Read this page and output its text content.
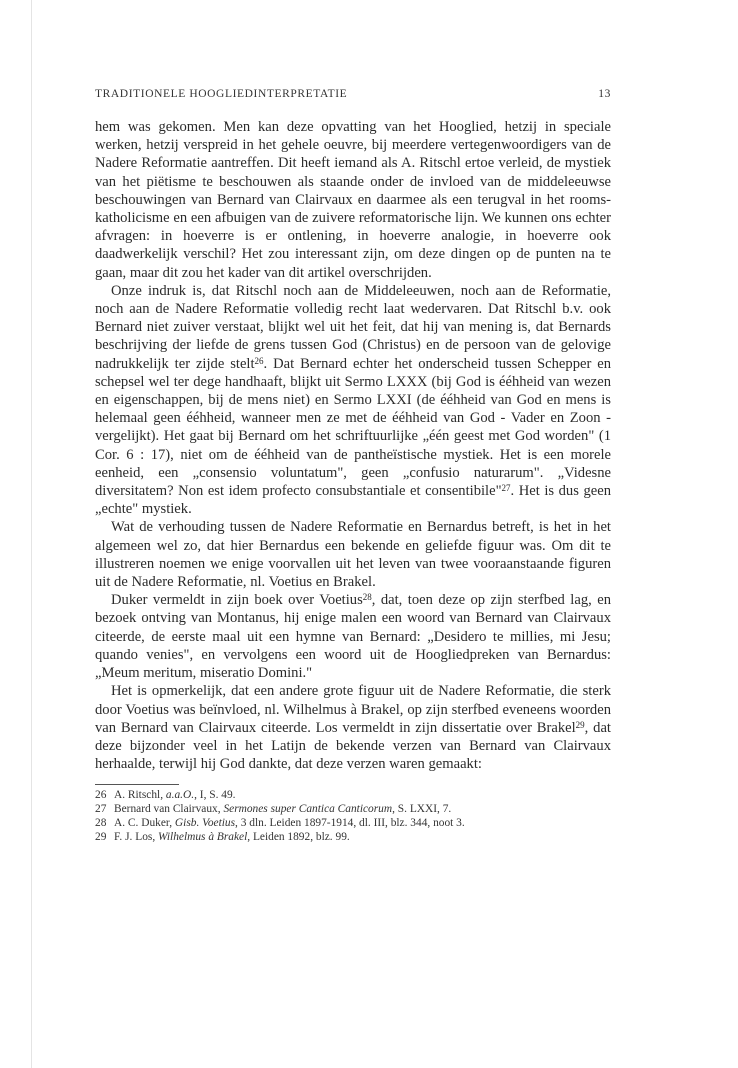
TRADITIONELE HOOGLIEDINTERPRETATIE	13

hem was gekomen. Men kan deze opvatting van het Hooglied, hetzij in speciale werken, hetzij verspreid in het gehele oeuvre, bij meerdere vertegenwoordigers van de Nadere Reformatie aantreffen. Dit heeft iemand als A. Ritschl ertoe verleid, de mystiek van het piëtisme te beschouwen als staande onder de invloed van de middeleeuwse beschouwingen van Bernard van Clairvaux en daarmee als een terugval in het rooms-katholicisme en een afbuigen van de zuivere reformatorische lijn. We kunnen ons echter afvragen: in hoeverre is er ontlening, in hoeverre analogie, in hoeverre ook daadwerkelijk verschil? Het zou interessant zijn, om deze dingen op de punten na te gaan, maar dit zou het kader van dit artikel overschrijden.

Onze indruk is, dat Ritschl noch aan de Middeleeuwen, noch aan de Reformatie, noch aan de Nadere Reformatie volledig recht laat wedervaren. Dat Ritschl b.v. ook Bernard niet zuiver verstaat, blijkt wel uit het feit, dat hij van mening is, dat Bernards beschrijving der liefde de grens tussen God (Christus) en de persoon van de gelovige nadrukkelijk ter zijde stelt$^{26}$. Dat Bernard echter het onderscheid tussen Schepper en schepsel wel ter dege handhaaft, blijkt uit Sermo LXXX (bij God is ééhheid van wezen en eigenschappen, bij de mens niet) en Sermo LXXI (de ééhheid van God en mens is helemaal geen ééhheid, wanneer men ze met de ééhheid van God - Vader en Zoon - vergelijkt). Het gaat bij Bernard om het schriftuurlijke „één geest met God worden" (1 Cor. 6 : 17), niet om de ééhheid van de pantheïstische mystiek. Het is een morele eenheid, een „consensio voluntatum", geen „confusio naturarum". „Videsne diversitatem? Non est idem profecto consubstantiale et consentibile"$^{27}$. Het is dus geen „echte" mystiek.

Wat de verhouding tussen de Nadere Reformatie en Bernardus betreft, is het in het algemeen wel zo, dat hier Bernardus een bekende en geliefde figuur was. Om dit te illustreren noemen we enige voorvallen uit het leven van twee vooraanstaande figuren uit de Nadere Reformatie, nl. Voetius en Brakel.

Duker vermeldt in zijn boek over Voetius$^{28}$, dat, toen deze op zijn sterfbed lag, en bezoek ontving van Montanus, hij enige malen een woord van Bernard van Clairvaux citeerde, de eerste maal uit een hymne van Bernard: „Desidero te millies, mi Jesu; quando venies", en vervolgens een woord uit de Hoogliedpreken van Bernardus: „Meum meritum, miseratio Domini."

Het is opmerkelijk, dat een andere grote figuur uit de Nadere Reformatie, die sterk door Voetius was beïnvloed, nl. Wilhelmus à Brakel, op zijn sterfbed eveneens woorden van Bernard van Clairvaux citeerde. Los vermeldt in zijn dissertatie over Brakel$^{29}$, dat deze bijzonder veel in het Latijn de bekende verzen van Bernard van Clairvaux herhaalde, terwijl hij God dankte, dat deze verzen waren gemaakt:

26 A. Ritschl, a.a.O., I, S. 49.
27 Bernard van Clairvaux, Sermones super Cantica Canticorum, S. LXXI, 7.
28 A. C. Duker, Gisb. Voetius, 3 dln. Leiden 1897-1914, dl. III, blz. 344, noot 3.
29 F. J. Los, Wilhelmus à Brakel, Leiden 1892, blz. 99.
